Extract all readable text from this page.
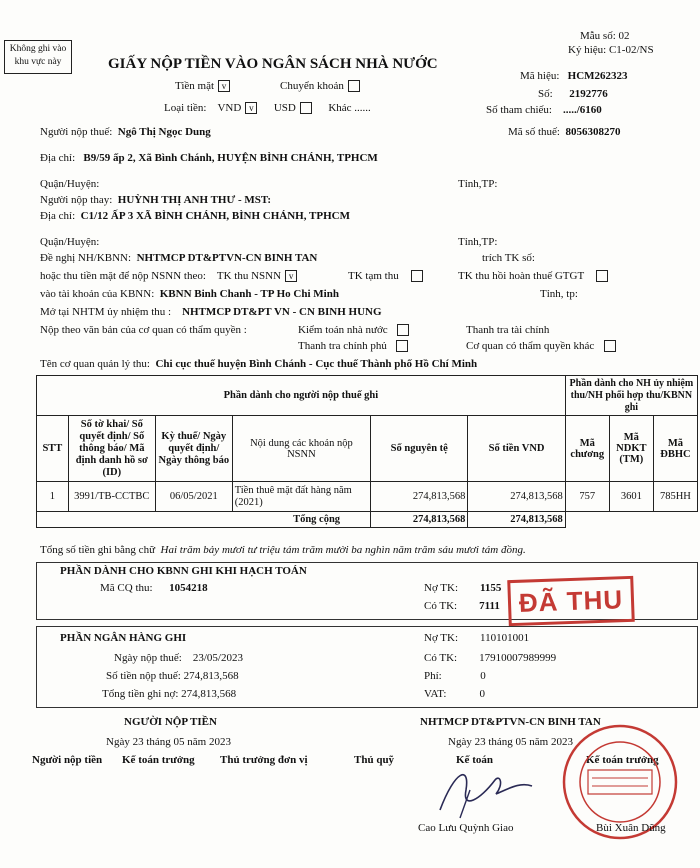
Không ghi vào
khu vực này
Mẫu số: 02
Ký hiệu: C1-02/NS
GIẤY NỘP TIỀN VÀO NGÂN SÁCH NHÀ NƯỚC
Tiền mặt v	Chuyển khoản
Loại tiền: VND v USD	Khác ......
Mã hiệu: HCM262323
Số: 2192776
Số tham chiếu: ...../6160
Mã số thuế: 8056308270
Người nộp thuế: Ngô Thị Ngọc Dung
Địa chỉ: B9/59 ấp 2, Xã Bình Chánh, HUYỆN BÌNH CHÁNH, TPHCM
Quận/Huyện:	Tỉnh,TP:
Người nộp thay: HUỲNH THỊ ANH THƯ - MST:
Địa chỉ: C1/12 ẤP 3 XÃ BÌNH CHÁNH, BÌNH CHÁNH, TPHCM
Quận/Huyện:	Tỉnh,TP:
Đề nghị NH/KBNN: NHTMCP DT&PTVN-CN BINH TAN	trích TK số:
hoặc thu tiền mặt để nộp NSNN theo: TK thu NSNN v	TK tạm thu	TK thu hồi hoàn thuế GTGT
vào tài khoản của KBNN: KBNN Binh Chanh - TP Ho Chi Minh	Tỉnh, tp:
Mở tại NHTM ủy nhiệm thu : NHTMCP DT&PT VN - CN BINH HUNG
Nộp theo văn bản của cơ quan có thẩm quyền :	Kiểm toán nhà nước	Thanh tra tài chính
Thanh tra chính phủ	Cơ quan có thẩm quyền khác
Tên cơ quan quản lý thu: Chi cục thuế huyện Bình Chánh - Cục thuế Thành phố Hồ Chí Minh
Phần dành cho người nộp thuế ghi						Phần dành cho NH ủy nhiệm thu/NH phối hợp thu/KBNN ghi		
STT	Số tờ khai/ Số quyết định/ Số thông báo/ Mã định danh hồ sơ (ID)	Kỳ thuế/ Ngày quyết định/ Ngày thông báo	Nội dung các khoản nộp NSNN	Số nguyên tệ	Số tiền VND	Mã chương	Mã NDKT (TM)	Mã ĐBHC
1	3991/TB-CCTBC	06/05/2021	Tiền thuê mặt đất hàng năm (2021)	274,813,568	274,813,568	757	3601	785HH
Tổng cộng				274,813,568	274,813,568			
Tổng số tiền ghi bằng chữ Hai trăm bảy mươi tư triệu tám trăm mười ba nghìn năm trăm sáu mươi tám đồng.
PHẦN DÀNH CHO KBNN GHI KHI HẠCH TOÁN
Mã CQ thu: 1054218	Nợ TK: 1155
Có TK: 7111 ĐÃ THU
PHẦN NGÂN HÀNG GHI
Ngày nộp thuế: 23/05/2023
Số tiền nộp thuế: 274,813,568
Tổng tiền ghi nợ: 274,813,568
Nợ TK: 110101001
Có TK: 17910007989999
Phí:	0
VAT:	0
NGƯỜI NỘP TIỀN
Ngày 23 tháng 05 năm 2023
Người nộp tiền Kế toán trưởng Thủ trưởng đơn vị
NHTMCP DT&PTVN-CN BINH TAN
Ngày 23 tháng 05 năm 2023
Thủ quỹ	Kế toán	Kế toán trưởng
Cao Lưu Quỳnh Giao	Bùi Xuân Dũng
